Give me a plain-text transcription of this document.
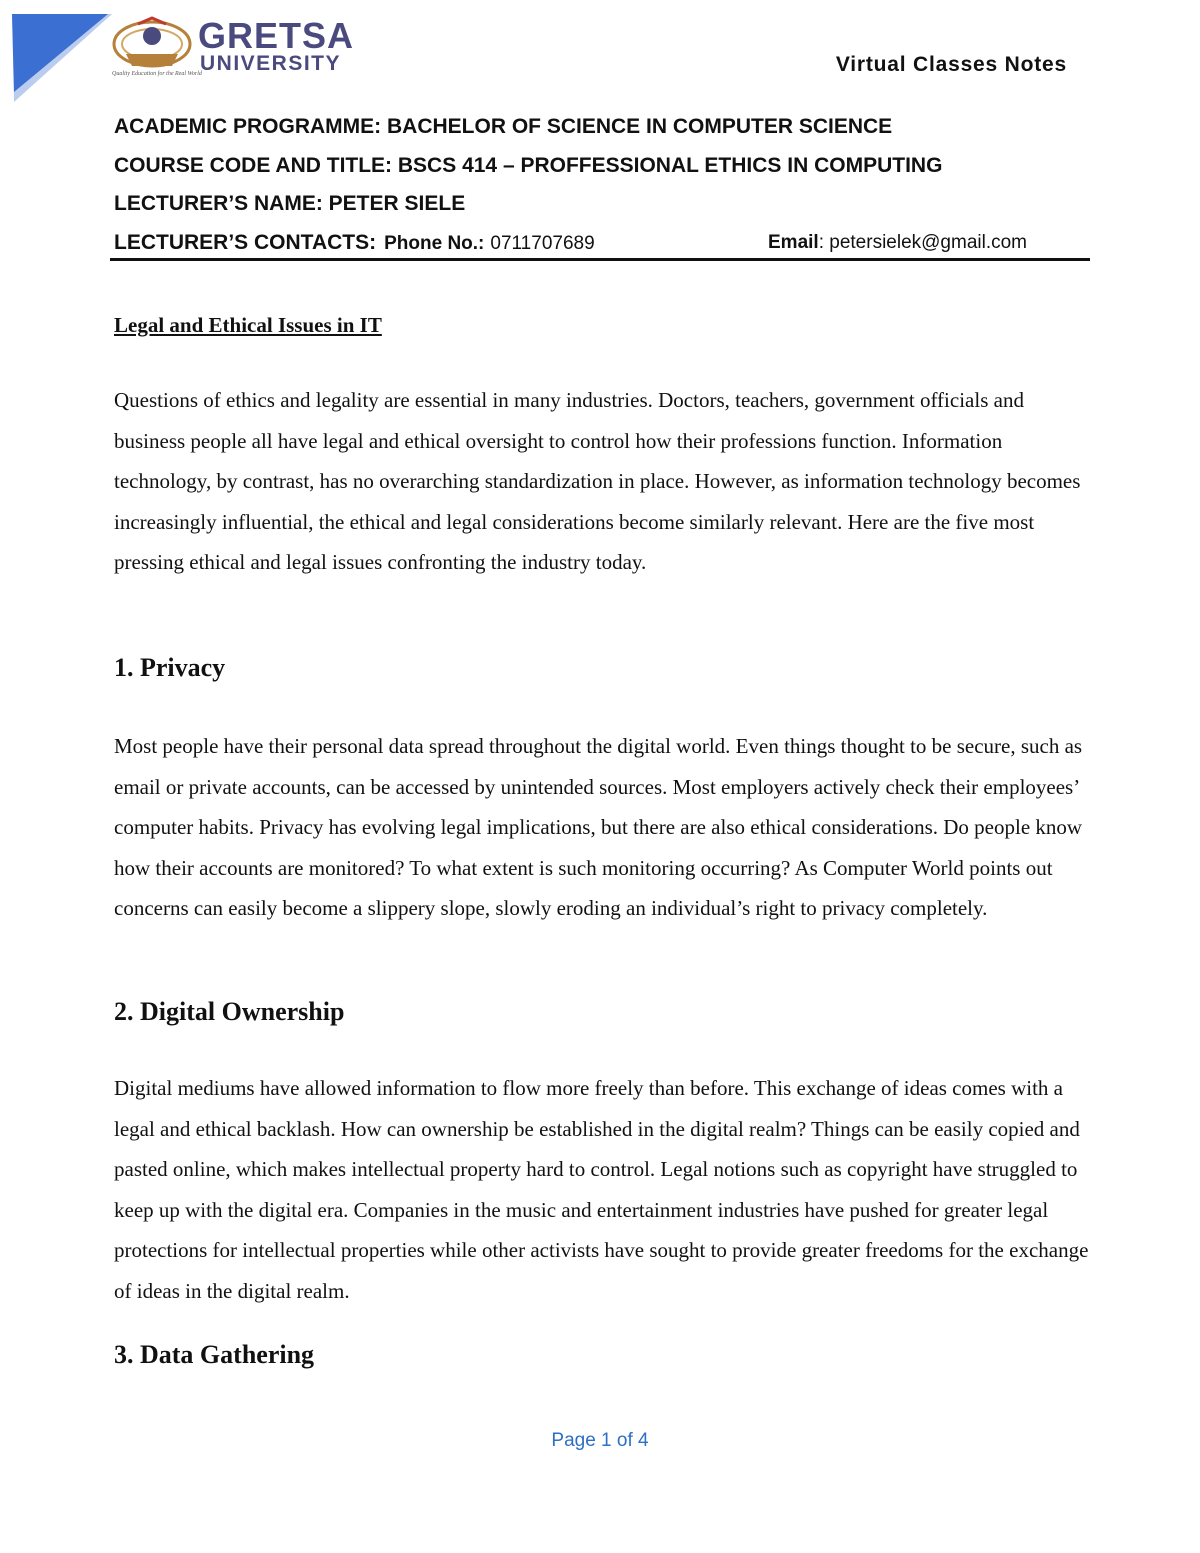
GRETSA
UNIVERSITY
Quality Education for the Real World	Virtual Classes Notes
ACADEMIC PROGRAMME: BACHELOR OF SCIENCE IN COMPUTER SCIENCE
COURSE CODE AND TITLE: BSCS 414 – PROFFESSIONAL ETHICS IN COMPUTING
LECTURER’S NAME: PETER SIELE
LECTURER’S CONTACTS: Phone No.: 0711707689	Email: petersielek@gmail.com
Legal and Ethical Issues in IT
Questions of ethics and legality are essential in many industries. Doctors, teachers, government officials and business people all have legal and ethical oversight to control how their professions function. Information technology, by contrast, has no overarching standardization in place. However, as information technology becomes increasingly influential, the ethical and legal considerations become similarly relevant. Here are the five most pressing ethical and legal issues confronting the industry today.
1. Privacy
Most people have their personal data spread throughout the digital world. Even things thought to be secure, such as email or private accounts, can be accessed by unintended sources. Most employers actively check their employees’ computer habits. Privacy has evolving legal implications, but there are also ethical considerations. Do people know how their accounts are monitored? To what extent is such monitoring occurring? As Computer World points out concerns can easily become a slippery slope, slowly eroding an individual’s right to privacy completely.
2. Digital Ownership
Digital mediums have allowed information to flow more freely than before. This exchange of ideas comes with a legal and ethical backlash. How can ownership be established in the digital realm? Things can be easily copied and pasted online, which makes intellectual property hard to control. Legal notions such as copyright have struggled to keep up with the digital era. Companies in the music and entertainment industries have pushed for greater legal protections for intellectual properties while other activists have sought to provide greater freedoms for the exchange of ideas in the digital realm.
3. Data Gathering
Page 1 of 4
